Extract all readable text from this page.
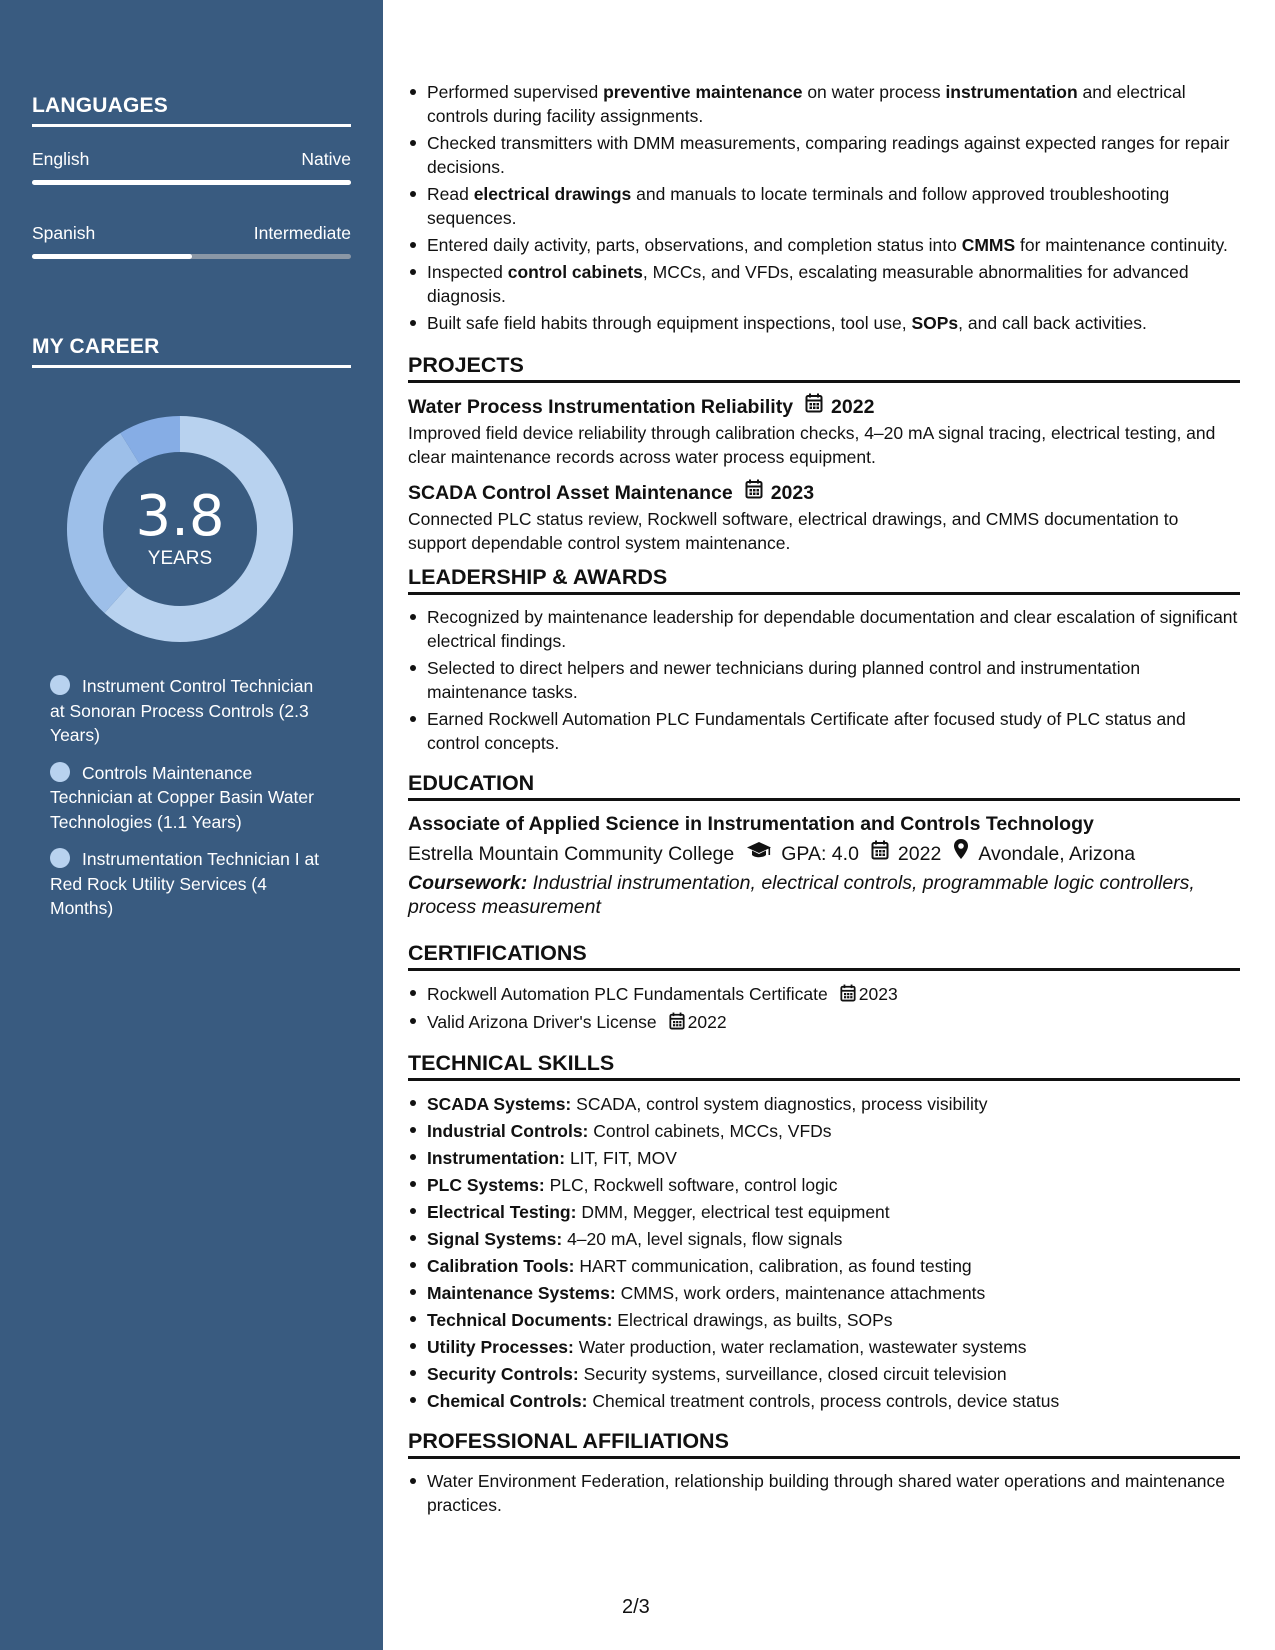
LANGUAGES
English	Native
Spanish	Intermediate
MY CAREER
3.8
YEARS
Instrument Control Technician at Sonoran Process Controls (2.3 Years)
Controls Maintenance Technician at Copper Basin Water Technologies (1.1 Years)
Instrumentation Technician I at Red Rock Utility Services (4 Months)
Performed supervised preventive maintenance on water process instrumentation and electrical controls during facility assignments.
Checked transmitters with DMM measurements, comparing readings against expected ranges for repair decisions.
Read electrical drawings and manuals to locate terminals and follow approved troubleshooting sequences.
Entered daily activity, parts, observations, and completion status into CMMS for maintenance continuity.
Inspected control cabinets, MCCs, and VFDs, escalating measurable abnormalities for advanced diagnosis.
Built safe field habits through equipment inspections, tool use, SOPs, and call back activities.
PROJECTS
Water Process Instrumentation Reliability 2022
Improved field device reliability through calibration checks, 4–20 mA signal tracing, electrical testing, and clear maintenance records across water process equipment.
SCADA Control Asset Maintenance 2023
Connected PLC status review, Rockwell software, electrical drawings, and CMMS documentation to support dependable control system maintenance.
LEADERSHIP & AWARDS
Recognized by maintenance leadership for dependable documentation and clear escalation of significant electrical findings.
Selected to direct helpers and newer technicians during planned control and instrumentation maintenance tasks.
Earned Rockwell Automation PLC Fundamentals Certificate after focused study of PLC status and control concepts.
EDUCATION
Associate of Applied Science in Instrumentation and Controls Technology
Estrella Mountain Community College GPA: 4.0 2022 Avondale, Arizona
Coursework: Industrial instrumentation, electrical controls, programmable logic controllers, process measurement
CERTIFICATIONS
Rockwell Automation PLC Fundamentals Certificate 2023
Valid Arizona Driver's License 2022
TECHNICAL SKILLS
SCADA Systems: SCADA, control system diagnostics, process visibility
Industrial Controls: Control cabinets, MCCs, VFDs
Instrumentation: LIT, FIT, MOV
PLC Systems: PLC, Rockwell software, control logic
Electrical Testing: DMM, Megger, electrical test equipment
Signal Systems: 4–20 mA, level signals, flow signals
Calibration Tools: HART communication, calibration, as found testing
Maintenance Systems: CMMS, work orders, maintenance attachments
Technical Documents: Electrical drawings, as builts, SOPs
Utility Processes: Water production, water reclamation, wastewater systems
Security Controls: Security systems, surveillance, closed circuit television
Chemical Controls: Chemical treatment controls, process controls, device status
PROFESSIONAL AFFILIATIONS
Water Environment Federation, relationship building through shared water operations and maintenance practices.
2/3
